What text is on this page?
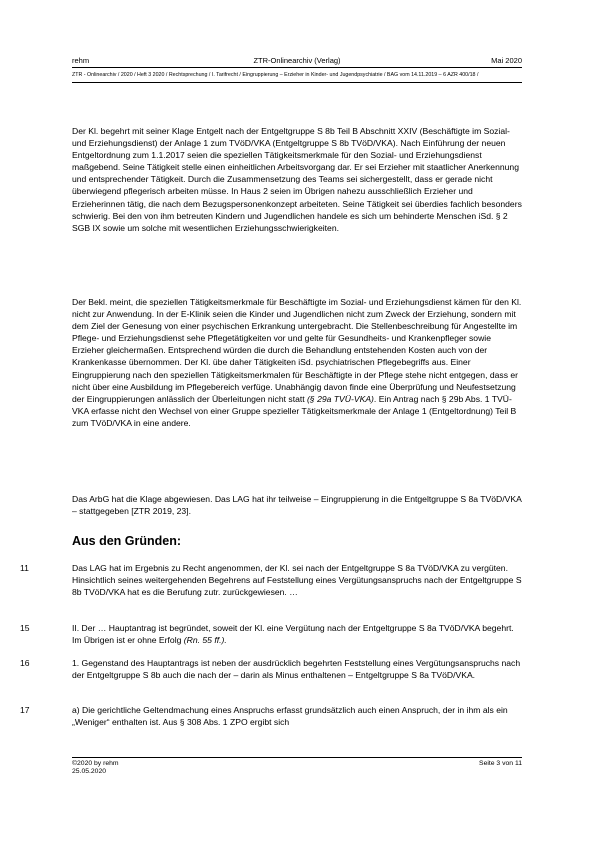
rehm	ZTR-Onlinearchiv (Verlag)	Mai 2020
ZTR - Onlinearchiv / 2020 / Heft 3 2020 / Rechtsprechung / I. Tarifrecht / Eingruppierung – Erzieher in Kinder- und Jugendpsychiatrie / BAG vom 14.11.2019 – 6 AZR 400/18 /
Der Kl. begehrt mit seiner Klage Entgelt nach der Entgeltgruppe S 8b Teil B Abschnitt XXIV (Beschäftigte im Sozial- und Erziehungsdienst) der Anlage 1 zum TVöD/VKA (Entgeltgruppe S 8b TVöD/VKA). Nach Einführung der neuen Entgeltordnung zum 1.1.2017 seien die speziellen Tätigkeitsmerkmale für den Sozial- und Erziehungsdienst maßgebend. Seine Tätigkeit stelle einen einheitlichen Arbeitsvorgang dar. Er sei Erzieher mit staatlicher Anerkennung und entsprechender Tätigkeit. Durch die Zusammensetzung des Teams sei sichergestellt, dass er gerade nicht überwiegend pflegerisch arbeiten müsse. In Haus 2 seien im Übrigen nahezu ausschließlich Erzieher und Erzieherinnen tätig, die nach dem Bezugspersonenkonzept arbeiteten. Seine Tätigkeit sei überdies fachlich besonders schwierig. Bei den von ihm betreuten Kindern und Jugendlichen handele es sich um behinderte Menschen iSd. § 2 SGB IX sowie um solche mit wesentlichen Erziehungsschwierigkeiten.
Der Bekl. meint, die speziellen Tätigkeitsmerkmale für Beschäftigte im Sozial- und Erziehungsdienst kämen für den Kl. nicht zur Anwendung. In der E-Klinik seien die Kinder und Jugendlichen nicht zum Zweck der Erziehung, sondern mit dem Ziel der Genesung von einer psychischen Erkrankung untergebracht. Die Stellenbeschreibung für Angestellte im Pflege- und Erziehungsdienst sehe Pflegetätigkeiten vor und gelte für Gesundheits- und Krankenpfleger sowie Erzieher gleichermaßen. Entsprechend würden die durch die Behandlung entstehenden Kosten auch von der Krankenkasse übernommen. Der Kl. übe daher Tätigkeiten iSd. psychiatrischen Pflegebegriffs aus. Einer Eingruppierung nach den speziellen Tätigkeitsmerkmalen für Beschäftigte in der Pflege stehe nicht entgegen, dass er nicht über eine Ausbildung im Pflegebereich verfüge. Unabhängig davon finde eine Überprüfung und Neufestsetzung der Eingruppierungen anlässlich der Überleitungen nicht statt (§ 29a TVÜ-VKA). Ein Antrag nach § 29b Abs. 1 TVÜ-VKA erfasse nicht den Wechsel von einer Gruppe spezieller Tätigkeitsmerkmale der Anlage 1 (Entgeltordnung) Teil B zum TVöD/VKA in eine andere.
Das ArbG hat die Klage abgewiesen. Das LAG hat ihr teilweise – Eingruppierung in die Entgeltgruppe S 8a TVöD/VKA – stattgegeben [ZTR 2019, 23].
Aus den Gründen:
11	Das LAG hat im Ergebnis zu Recht angenommen, der Kl. sei nach der Entgeltgruppe S 8a TVöD/VKA zu vergüten. Hinsichtlich seines weitergehenden Begehrens auf Feststellung eines Vergütungsanspruchs nach der Entgeltgruppe S 8b TVöD/VKA hat es die Berufung zutr. zurückgewiesen. …
15	II. Der … Hauptantrag ist begründet, soweit der Kl. eine Vergütung nach der Entgeltgruppe S 8a TVöD/VKA begehrt. Im Übrigen ist er ohne Erfolg (Rn. 55 ff.).
16	1. Gegenstand des Hauptantrags ist neben der ausdrücklich begehrten Feststellung eines Vergütungsanspruchs nach der Entgeltgruppe S 8b auch die nach der – darin als Minus enthaltenen – Entgeltgruppe S 8a TVöD/VKA.
17	a) Die gerichtliche Geltendmachung eines Anspruchs erfasst grundsätzlich auch einen Anspruch, der in ihm als ein „Weniger“ enthalten ist. Aus § 308 Abs. 1 ZPO ergibt sich
©2020 by rehm
25.05.2020
Seite 3 von 11
